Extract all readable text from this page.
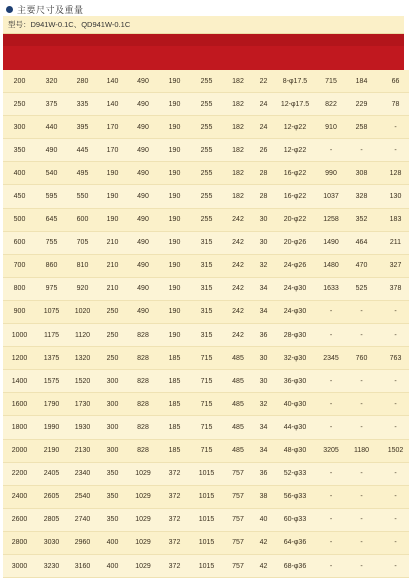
主要尺寸及重量
型号：D941W-0.1C、QD941W-0.1C
200	320	280	140	490	190	255	182	22	8-φ17.5	715	184	66
250	375	335	140	490	190	255	182	24	12-φ17.5	822	229	78
300	440	395	170	490	190	255	182	24	12-φ22	910	258	-
350	490	445	170	490	190	255	182	26	12-φ22	-	-	-
400	540	495	190	490	190	255	182	28	16-φ22	990	308	128
450	595	550	190	490	190	255	182	28	16-φ22	1037	328	130
500	645	600	190	490	190	255	242	30	20-φ22	1258	352	183
600	755	705	210	490	190	315	242	30	20-φ26	1490	464	211
700	860	810	210	490	190	315	242	32	24-φ26	1480	470	327
800	975	920	210	490	190	315	242	34	24-φ30	1633	525	378
900	1075	1020	250	490	190	315	242	34	24-φ30	-	-	-
1000	1175	1120	250	828	190	315	242	36	28-φ30	-	-	-
1200	1375	1320	250	828	185	715	485	30	32-φ30	2345	760	763
1400	1575	1520	300	828	185	715	485	30	36-φ30	-	-	-
1600	1790	1730	300	828	185	715	485	32	40-φ30	-	-	-
1800	1990	1930	300	828	185	715	485	34	44-φ30	-	-	-
2000	2190	2130	300	828	185	715	485	34	48-φ30	3205	1180	1502
2200	2405	2340	350	1029	372	1015	757	36	52-φ33	-	-	-
2400	2605	2540	350	1029	372	1015	757	38	56-φ33	-	-	-
2600	2805	2740	350	1029	372	1015	757	40	60-φ33	-	-	-
2800	3030	2960	400	1029	372	1015	757	42	64-φ36	-	-	-
3000	3230	3160	400	1029	372	1015	757	42	68-φ36	-	-	-
